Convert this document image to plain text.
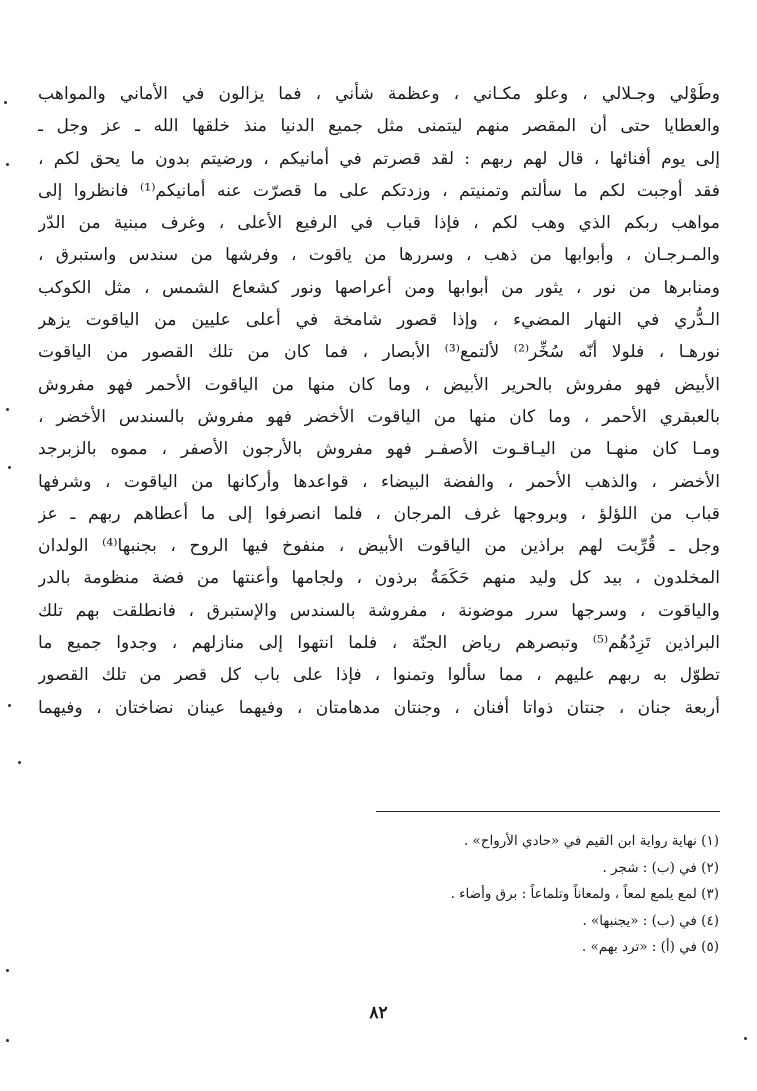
وطَوْلي وجـلالي ، وعلو مكـاني ، وعظمة شأني ، فما يزالون في الأماني والمواهب
والعطايا حتى أن المقصر منهم ليتمنى مثل جميع الدنيا منذ خلقها الله ـ عز وجل ـ
إلى يوم أفنائها ، قال لهم ربهم : لقد قصرتم في أمانيكم ، ورضيتم بدون ما يحق لكم ،
فقد أوجبت لكم ما سألتم وتمنيتم ، وزدتكم على ما قصرّت عنه أمانيكم⁽¹⁾ فانظروا إلى
مواهب ربكم الذي وهب لكم ، فإذا قباب في الرفيع الأعلى ، وغرف مبنية من الدّر
والمـرجـان ، وأبوابها من ذهب ، وسررها من ياقوت ، وفرشها من سندس واستبرق ،
ومنابرها من نور ، يثور من أبوابها ومن أعراصها ونور كشعاع الشمس ، مثل الكوكب
الـدُّري في النهار المضيء ، وإذا قصور شامخة في أعلى عليين من الياقوت يزهر
نورهـا ، فلولا أنّه سُخِّر⁽²⁾ لألتمع⁽³⁾ الأبصار ، فما كان من تلك القصور من الياقوت
الأبيض فهو مفروش بالحرير الأبيض ، وما كان منها من الياقوت الأحمر فهو مفروش
بالعبقري الأحمر ، وما كان منها من الياقوت الأخضر فهو مفروش بالسندس الأخضر ،
ومـا كان منهـا من اليـاقـوت الأصفـر فهو مفروش بالأرجون الأصفر ، مموه بالزبرجد
الأخضر ، والذهب الأحمر ، والفضة البيضاء ، قواعدها وأركانها من الياقوت ، وشرفها
قباب من اللؤلؤ ، وبروجها غرف المرجان ، فلما انصرفوا إلى ما أعطاهم ربهم ـ عز
وجل ـ قُرِّبت لهم براذين من الياقوت الأبيض ، منفوخ فيها الروح ، بجنبها⁽⁴⁾ الولدان
المخلدون ، بيد كل وليد منهم حَكَمَةُ برذون ، ولجامها وأعنتها من فضة منظومة بالدر
والياقوت ، وسرجها سرر موضونة ، مفروشة بالسندس والإستبرق ، فانطلقت بهم تلك
البراذين تَزِدُهُم⁽⁵⁾ وتبصرهم رياض الجنّة ، فلما انتهوا إلى منازلهم ، وجدوا جميع ما
تطوّل به ربهم عليهم ، مما سألوا وتمنوا ، فإذا على باب كل قصر من تلك القصور
أربعة جنان ، جنتان ذواتا أفنان ، وجنتان مدهامتان ، وفيهما عينان نضاختان ، وفيهما
(١) نهاية رواية ابن القيم في «حادي الأرواح» .
(٢) في (ب) : شجر .
(٣) لمع يلمع لمعاً ، ولمعاناً وتلماعاً : برق وأضاء .
(٤) في (ب) : «يجنبها» .
(٥) في (أ) : «ترد بهم» .
٨٢
